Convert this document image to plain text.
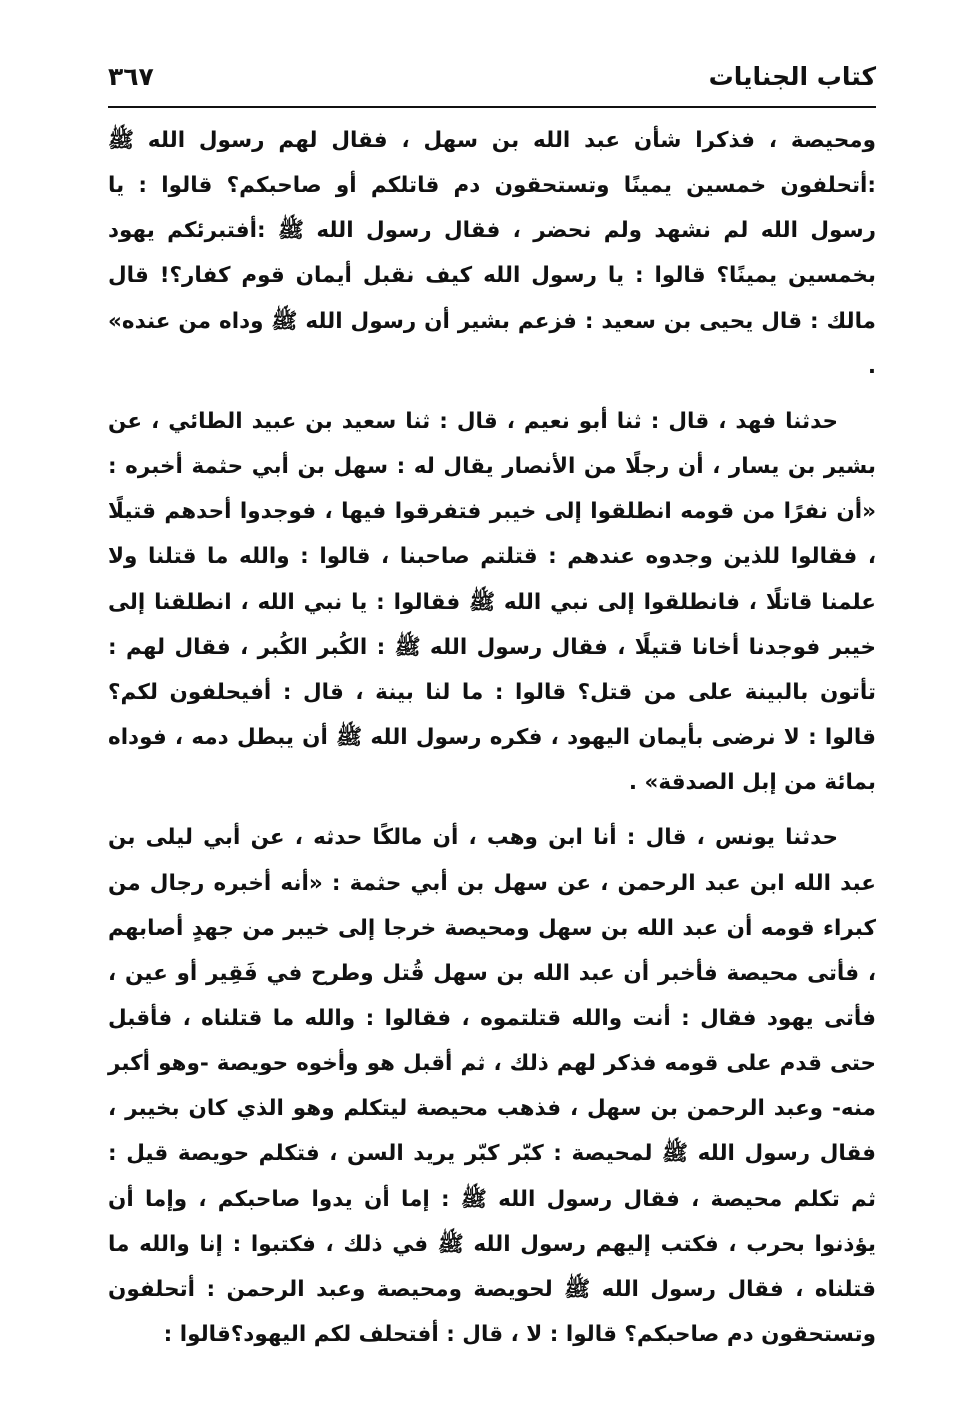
كتاب الجنايات
٣٦٧

ومحيصة ، فذكرا شأن عبد الله بن سهل ، فقال لهم رسول الله ﷺ :أتحلفون خمسين يمينًا وتستحقون دم قاتلكم أو صاحبكم؟ قالوا : يا رسول الله لم نشهد ولم نحضر ، فقال رسول الله ﷺ :أفتبرئكم يهود بخمسين يمينًا؟ قالوا : يا رسول الله كيف نقبل أيمان قوم كفار؟! قال مالك : قال يحيى بن سعيد : فزعم بشير أن رسول الله ﷺ وداه من عنده» .

حدثنا فهد ، قال : ثنا أبو نعيم ، قال : ثنا سعيد بن عبيد الطائي ، عن بشير بن يسار ، أن رجلًا من الأنصار يقال له : سهل بن أبي حثمة أخبره : «أن نفرًا من قومه انطلقوا إلى خيبر فتفرقوا فيها ، فوجدوا أحدهم قتيلًا ، فقالوا للذين وجدوه عندهم : قتلتم صاحبنا ، قالوا : والله ما قتلنا ولا علمنا قاتلًا ، فانطلقوا إلى نبي الله ﷺ فقالوا : يا نبي الله ، انطلقنا إلى خيبر فوجدنا أخانا قتيلًا ، فقال رسول الله ﷺ : الكُبر الكُبر ، فقال لهم : تأتون بالبينة على من قتل؟ قالوا : ما لنا بينة ، قال : أفيحلفون لكم؟ قالوا : لا نرضى بأيمان اليهود ، فكره رسول الله ﷺ أن يبطل دمه ، فوداه بمائة من إبل الصدقة» .

حدثنا يونس ، قال : أنا ابن وهب ، أن مالكًا حدثه ، عن أبي ليلى بن عبد الله ابن عبد الرحمن ، عن سهل بن أبي حثمة : «أنه أخبره رجال من كبراء قومه أن عبد الله بن سهل ومحيصة خرجا إلى خيبر من جهدٍ أصابهم ، فأتى محيصة فأخبر أن عبد الله بن سهل قُتل وطرح في فَقِير أو عين ، فأتى يهود فقال : أنت والله قتلتموه ، فقالوا : والله ما قتلناه ، فأقبل حتى قدم على قومه فذكر لهم ذلك ، ثم أقبل هو وأخوه حويصة -وهو أكبر منه- وعبد الرحمن بن سهل ، فذهب محيصة ليتكلم وهو الذي كان بخيبر ، فقال رسول الله ﷺ لمحيصة : كبّر كبّر يريد السن ، فتكلم حويصة قيل : ثم تكلم محيصة ، فقال رسول الله ﷺ : إما أن يدوا صاحبكم ، وإما أن يؤذنوا بحرب ، فكتب إليهم رسول الله ﷺ في ذلك ، فكتبوا : إنا والله ما قتلناه ، فقال رسول الله ﷺ لحويصة ومحيصة وعبد الرحمن : أتحلفون وتستحقون دم صاحبكم؟ قالوا : لا ، قال : أفتحلف لكم اليهود؟قالوا :
